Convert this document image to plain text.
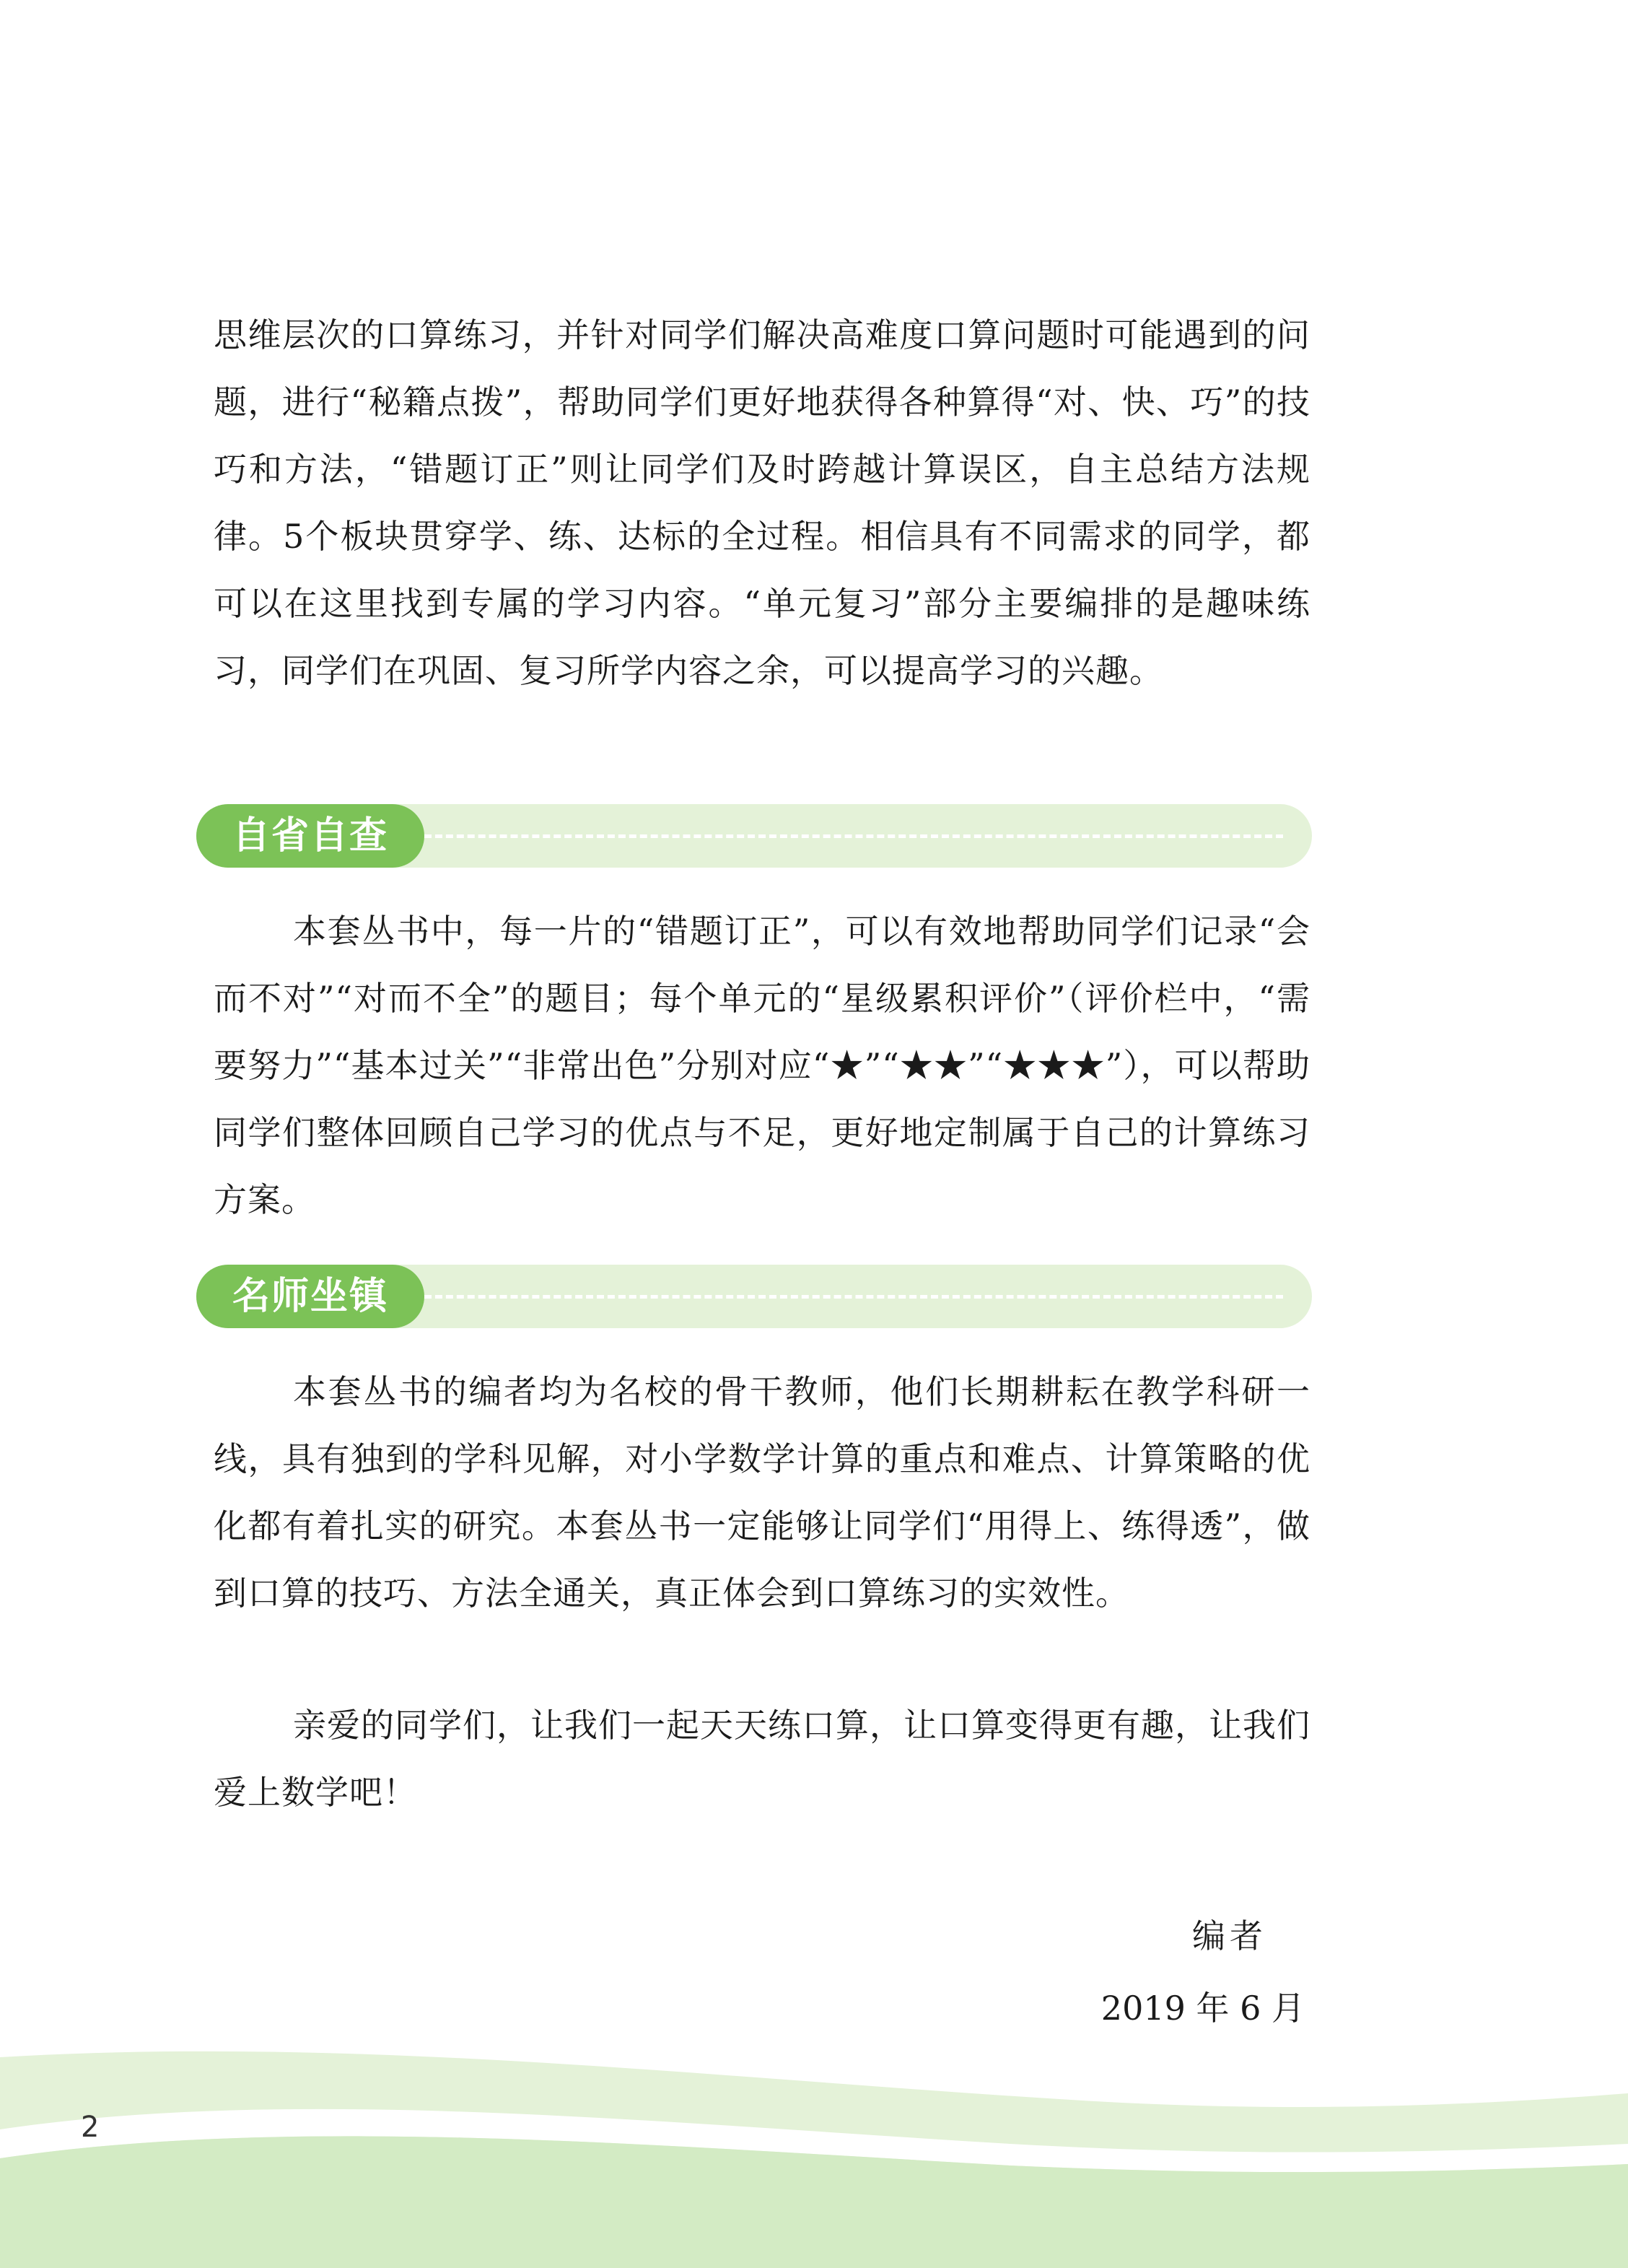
思维层次的口算练习，并针对同学们解决高难度口算问题时可能遇到的问题，进行“秘籍点拨”，帮助同学们更好地获得各种算得“对、快、巧”的技巧和方法，“错题订正”则让同学们及时跨越计算误区，自主总结方法规律。5个板块贯穿学、练、达标的全过程。相信具有不同需求的同学，都可以在这里找到专属的学习内容。“单元复习”部分主要编排的是趣味练习，同学们在巩固、复习所学内容之余，可以提高学习的兴趣。

自省自查

本套丛书中，每一片的“错题订正”，可以有效地帮助同学们记录“会而不对”“对而不全”的题目；每个单元的“星级累积评价”（评价栏中，“需要努力”“基本过关”“非常出色”分别对应“★”“★★”“★★★”），可以帮助同学们整体回顾自己学习的优点与不足，更好地定制属于自己的计算练习方案。

名师坐镇

本套丛书的编者均为名校的骨干教师，他们长期耕耘在教学科研一线，具有独到的学科见解，对小学数学计算的重点和难点、计算策略的优化都有着扎实的研究。本套丛书一定能够让同学们“用得上、练得透”，做到口算的技巧、方法全通关，真正体会到口算练习的实效性。

亲爱的同学们，让我们一起天天练口算，让口算变得更有趣，让我们爱上数学吧！

编者
2019 年 6 月
2
